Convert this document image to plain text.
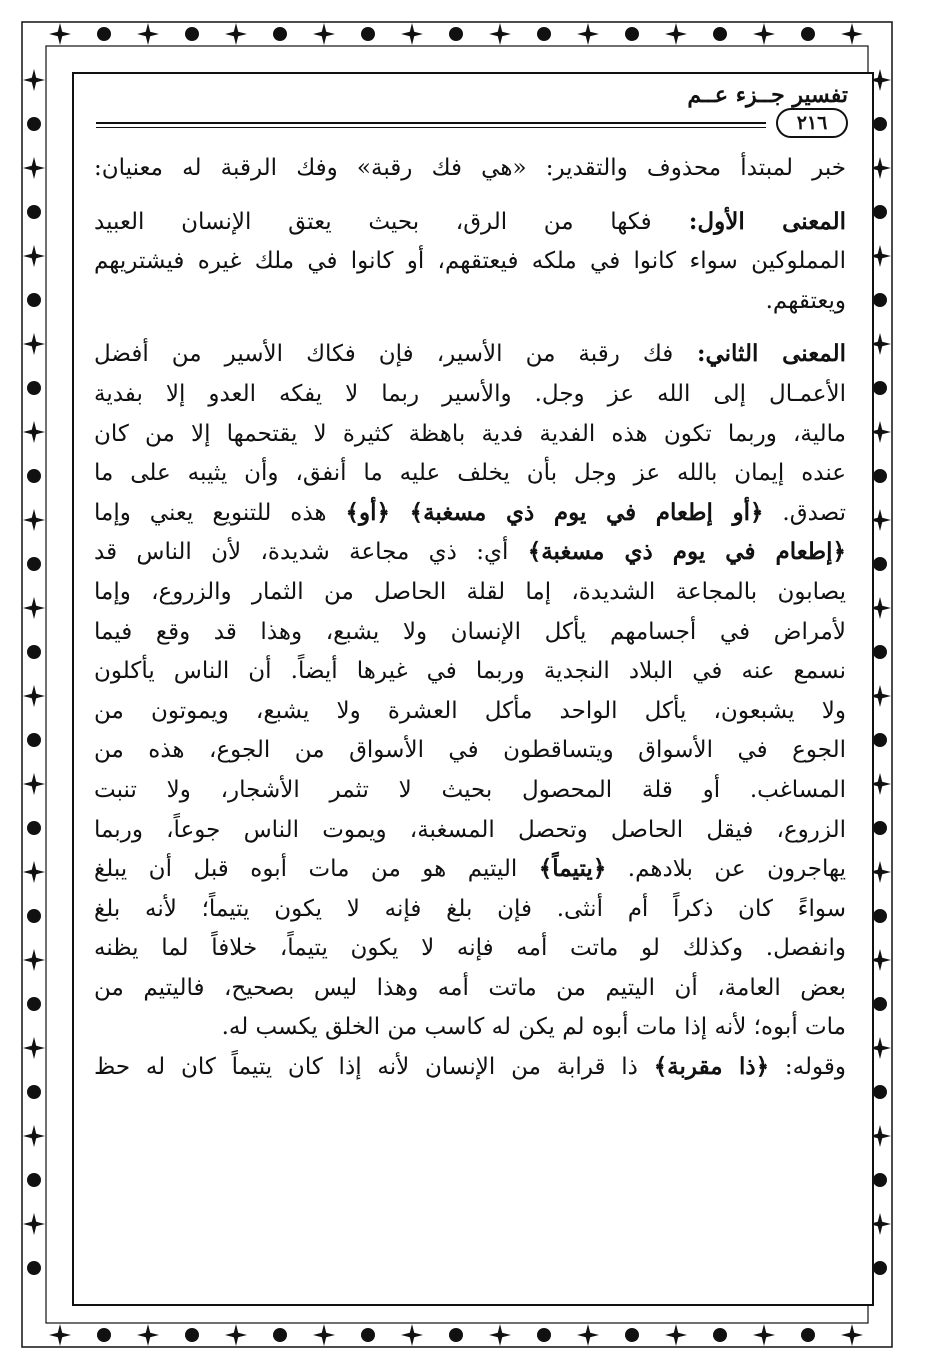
تفسير جــزء عــم
٢١٦
خبر لمبتدأ محذوف والتقدير: «هي فك رقبة» وفك الرقبة له معنيان:
المعنى الأول: فكها من الرق، بحيث يعتق الإنسان العبيد
المملوكين سواء كانوا في ملكه فيعتقهم، أو كانوا في ملك غيره فيشتريهم
ويعتقهم.
المعنى الثاني: فك رقبة من الأسير، فإن فكاك الأسير من أفضل
الأعمـال إلى الله عز وجل. والأسير ربما لا يفكه العدو إلا بفدية
مالية، وربما تكون هذه الفدية فدية باهظة كثيرة لا يقتحمها إلا من كان
عنده إيمان بالله عز وجل بأن يخلف عليه ما أنفق، وأن يثيبه على ما
تصدق. ﴿أو إطعام في يوم ذي مسغبة﴾ ﴿أو﴾ هذه للتنويع يعني وإما
﴿إطعام في يوم ذي مسغبة﴾ أي: ذي مجاعة شديدة، لأن الناس قد
يصابون بالمجاعة الشديدة، إما لقلة الحاصل من الثمار والزروع، وإما
لأمراض في أجسامهم يأكل الإنسان ولا يشبع، وهذا قد وقع فيما
نسمع عنه في البلاد النجدية وربما في غيرها أيضاً. أن الناس يأكلون
ولا يشبعون، يأكل الواحد مأكل العشرة ولا يشبع، ويموتون من
الجوع في الأسواق ويتساقطون في الأسواق من الجوع، هذه من
المساغب. أو قلة المحصول بحيث لا تثمر الأشجار، ولا تنبت
الزروع، فيقل الحاصل وتحصل المسغبة، ويموت الناس جوعاً، وربما
يهاجرون عن بلادهم. ﴿يتيماً﴾ اليتيم هو من مات أبوه قبل أن يبلغ
سواءً كان ذكراً أم أنثى. فإن بلغ فإنه لا يكون يتيماً؛ لأنه بلغ
وانفصل. وكذلك لو ماتت أمه فإنه لا يكون يتيماً، خلافاً لما يظنه
بعض العامة، أن اليتيم من ماتت أمه وهذا ليس بصحيح، فاليتيم من
مات أبوه؛ لأنه إذا مات أبوه لم يكن له كاسب من الخلق يكسب له.
وقوله: ﴿ذا مقربة﴾ ذا قرابة من الإنسان لأنه إذا كان يتيماً كان له حظ
